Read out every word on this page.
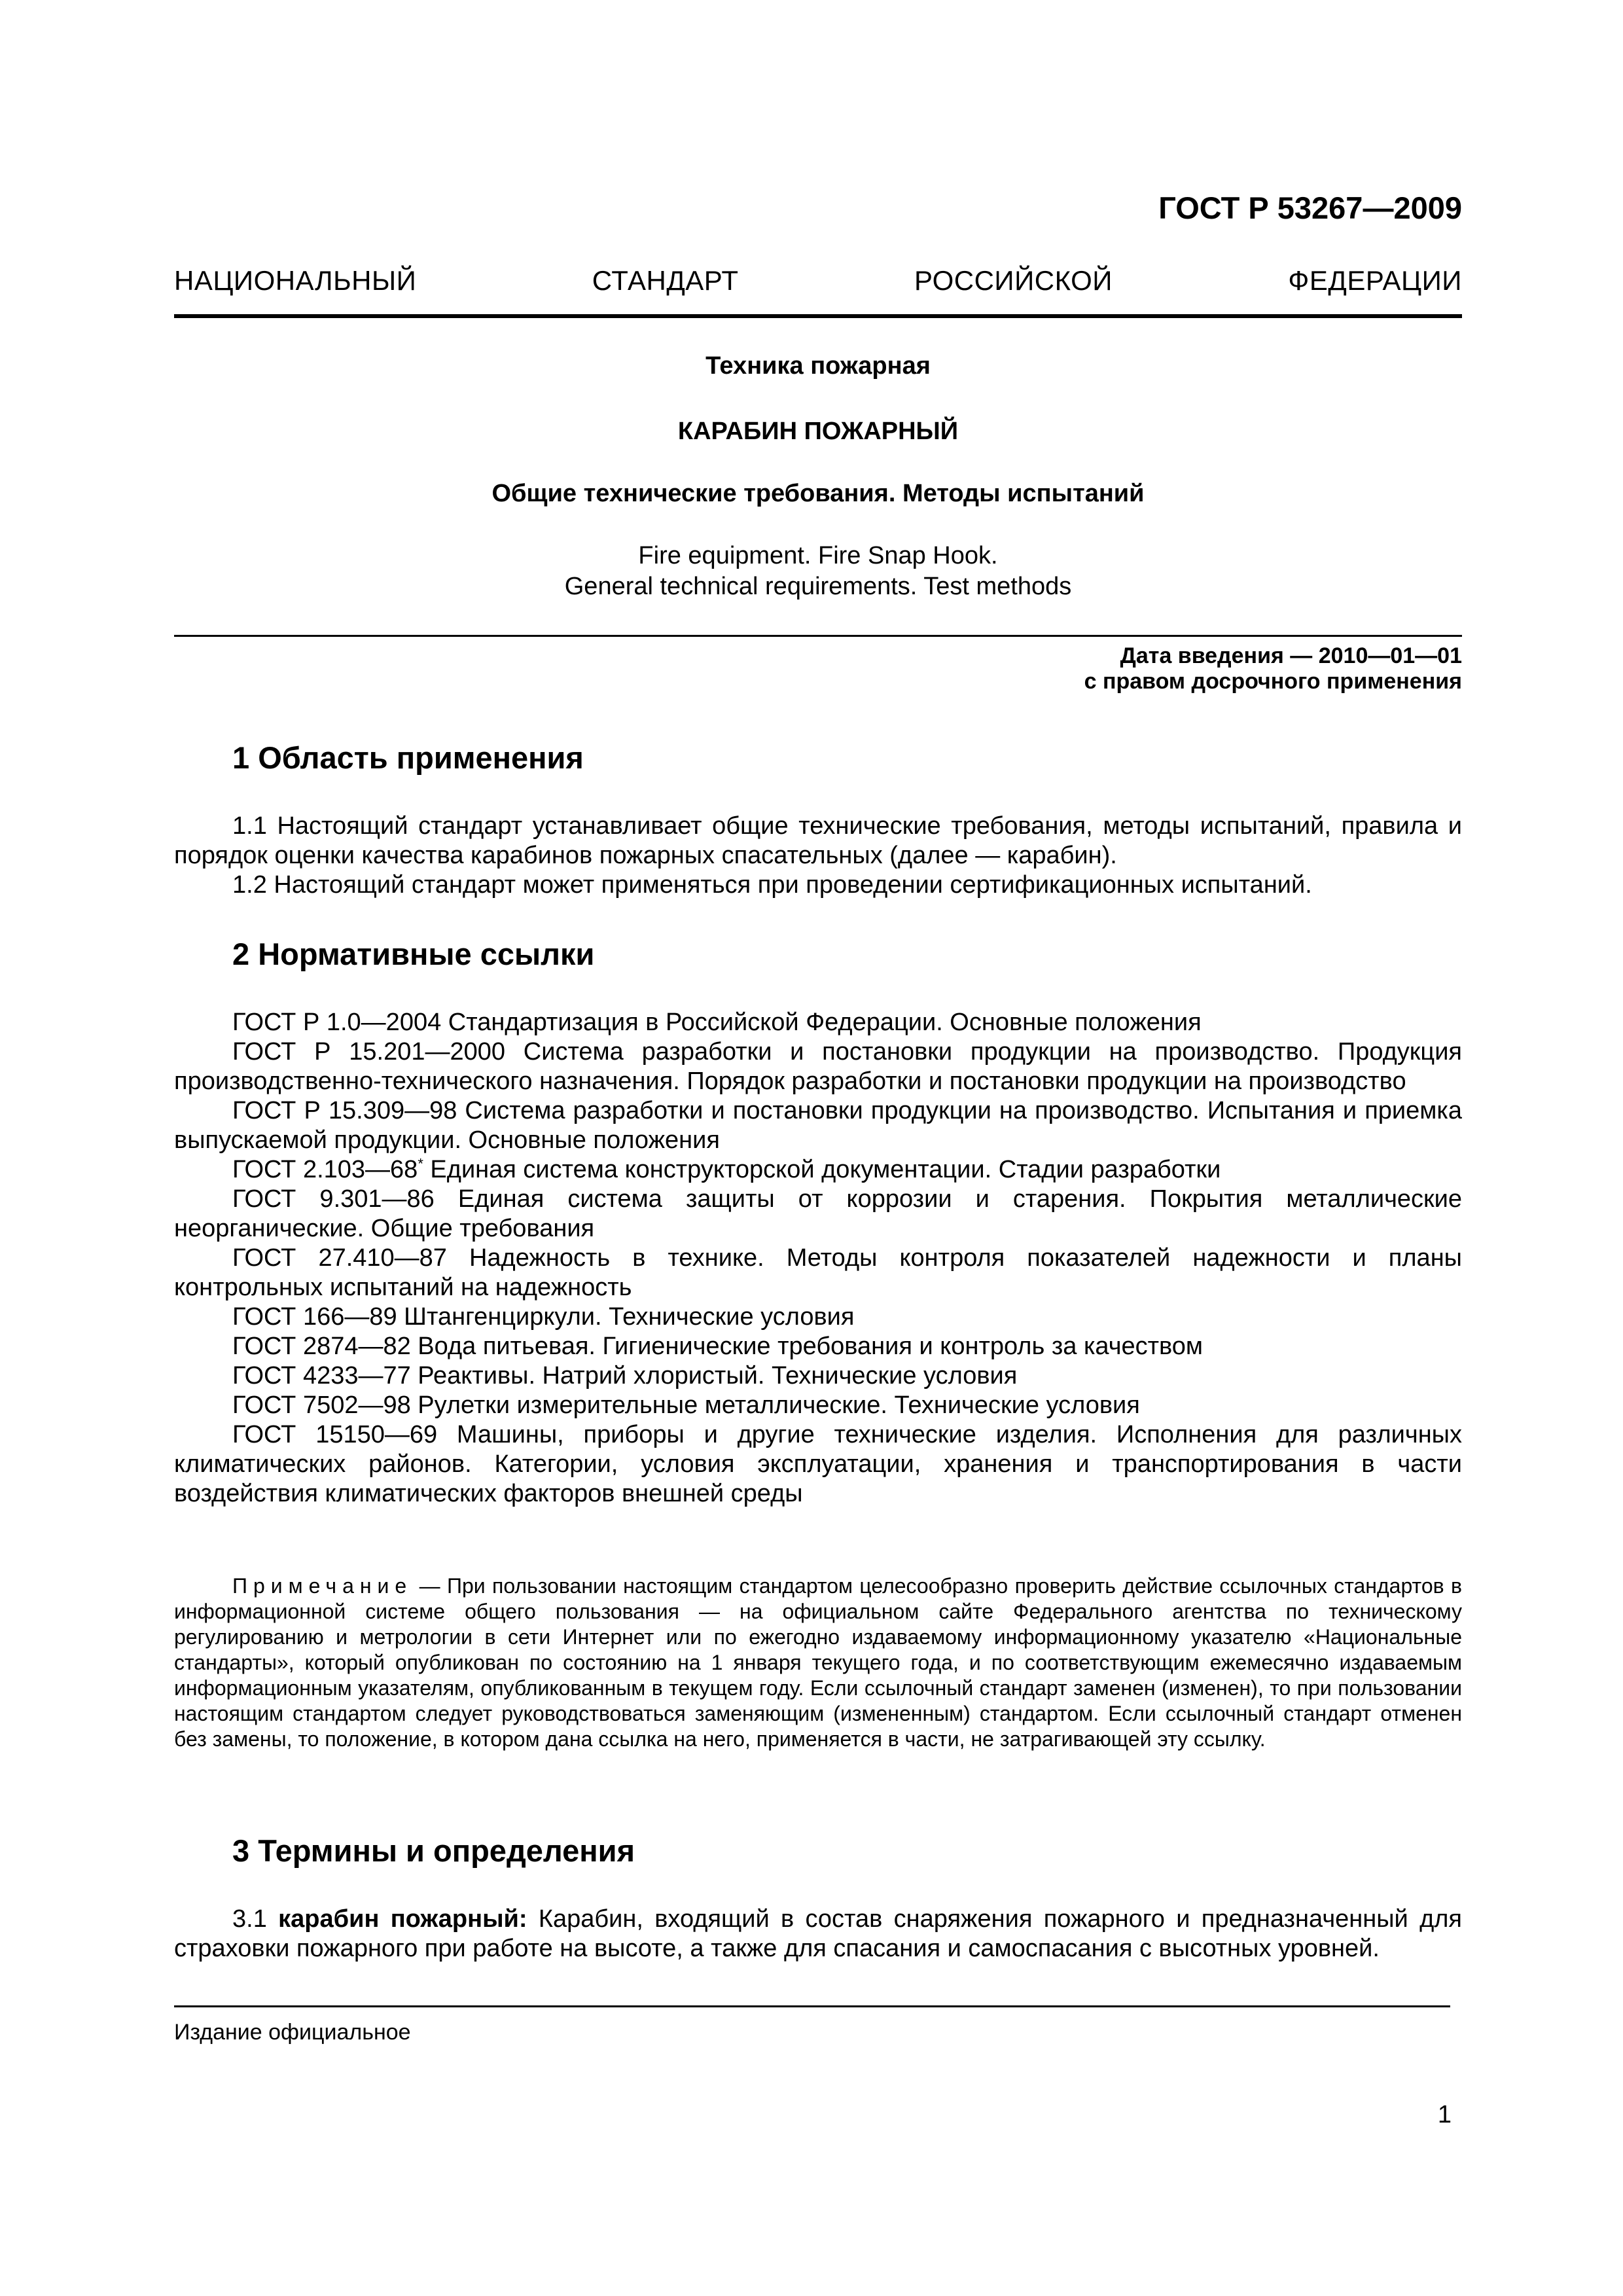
ГОСТ Р 53267—2009
НАЦИОНАЛЬНЫЙ СТАНДАРТ РОССИЙСКОЙ ФЕДЕРАЦИИ
Техника пожарная
КАРАБИН ПОЖАРНЫЙ
Общие технические требования. Методы испытаний
Fire equipment. Fire Snap Hook.
General technical requirements. Test methods
Дата введения — 2010—01—01
с правом досрочного применения
1 Область применения
1.1 Настоящий стандарт устанавливает общие технические требования, методы испытаний, правила и порядок оценки качества карабинов пожарных спасательных (далее — карабин).
1.2 Настоящий стандарт может применяться при проведении сертификационных испытаний.
2 Нормативные ссылки
ГОСТ Р 1.0—2004 Стандартизация в Российской Федерации. Основные положения
ГОСТ Р 15.201—2000 Система разработки и постановки продукции на производство. Продукция производственно-технического назначения. Порядок разработки и постановки продукции на производство
ГОСТ Р 15.309—98 Система разработки и постановки продукции на производство. Испытания и приемка выпускаемой продукции. Основные положения
ГОСТ 2.103—68* Единая система конструкторской документации. Стадии разработки
ГОСТ 9.301—86 Единая система защиты от коррозии и старения. Покрытия металлические неорганические. Общие требования
ГОСТ 27.410—87 Надежность в технике. Методы контроля показателей надежности и планы контрольных испытаний на надежность
ГОСТ 166—89 Штангенциркули. Технические условия
ГОСТ 2874—82 Вода питьевая. Гигиенические требования и контроль за качеством
ГОСТ 4233—77 Реактивы. Натрий хлористый. Технические условия
ГОСТ 7502—98 Рулетки измерительные металлические. Технические условия
ГОСТ 15150—69 Машины, приборы и другие технические изделия. Исполнения для различных климатических районов. Категории, условия эксплуатации, хранения и транспортирования в части воздействия климатических факторов внешней среды
Примечание — При пользовании настоящим стандартом целесообразно проверить действие ссылочных стандартов в информационной системе общего пользования — на официальном сайте Федерального агентства по техническому регулированию и метрологии в сети Интернет или по ежегодно издаваемому информационному указателю «Национальные стандарты», который опубликован по состоянию на 1 января текущего года, и по соответствующим ежемесячно издаваемым информационным указателям, опубликованным в текущем году. Если ссылочный стандарт заменен (изменен), то при пользовании настоящим стандартом следует руководствоваться заменяющим (измененным) стандартом. Если ссылочный стандарт отменен без замены, то положение, в котором дана ссылка на него, применяется в части, не затрагивающей эту ссылку.
3 Термины и определения
3.1 карабин пожарный: Карабин, входящий в состав снаряжения пожарного и предназначенный для страховки пожарного при работе на высоте, а также для спасания и самоспасания с высотных уровней.
Издание официальное
1
